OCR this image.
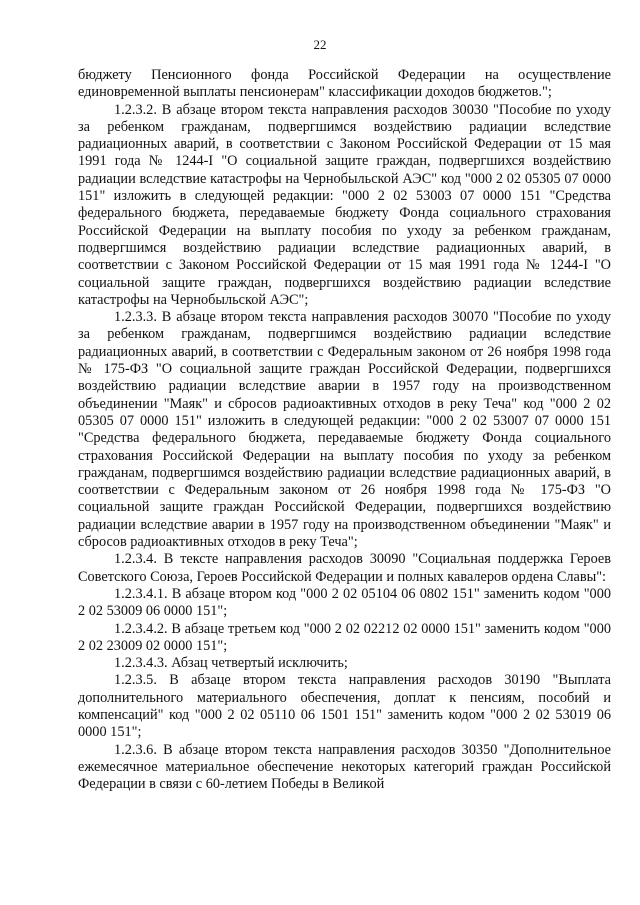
22

бюджету Пенсионного фонда Российской Федерации на осуществление единовременной выплаты пенсионерам" классификации доходов бюджетов.";

1.2.3.2. В абзаце втором текста направления расходов 30030 "Пособие по уходу за ребенком гражданам, подвергшимся воздействию радиации вследствие радиационных аварий, в соответствии с Законом Российской Федерации от 15 мая 1991 года № 1244-I "О социальной защите граждан, подвергшихся воздействию радиации вследствие катастрофы на Чернобыльской АЭС" код "000 2 02 05305 07 0000 151" изложить в следующей редакции: "000 2 02 53003 07 0000 151 "Средства федерального бюджета, передаваемые бюджету Фонда социального страхования Российской Федерации на выплату пособия по уходу за ребенком гражданам, подвергшимся воздействию радиации вследствие радиационных аварий, в соответствии с Законом Российской Федерации от 15 мая 1991 года № 1244-I "О социальной защите граждан, подвергшихся воздействию радиации вследствие катастрофы на Чернобыльской АЭС";

1.2.3.3. В абзаце втором текста направления расходов 30070 "Пособие по уходу за ребенком гражданам, подвергшимся воздействию радиации вследствие радиационных аварий, в соответствии с Федеральным законом от 26 ноября 1998 года № 175-ФЗ "О социальной защите граждан Российской Федерации, подвергшихся воздействию радиации вследствие аварии в 1957 году на производственном объединении "Маяк" и сбросов радиоактивных отходов в реку Теча" код "000 2 02 05305 07 0000 151" изложить в следующей редакции: "000 2 02 53007 07 0000 151 "Средства федерального бюджета, передаваемые бюджету Фонда социального страхования Российской Федерации на выплату пособия по уходу за ребенком гражданам, подвергшимся воздействию радиации вследствие радиационных аварий, в соответствии с Федеральным законом от 26 ноября 1998 года № 175-ФЗ "О социальной защите граждан Российской Федерации, подвергшихся воздействию радиации вследствие аварии в 1957 году на производственном объединении "Маяк" и сбросов радиоактивных отходов в реку Теча";

1.2.3.4. В тексте направления расходов 30090 "Социальная поддержка Героев Советского Союза, Героев Российской Федерации и полных кавалеров ордена Славы":

1.2.3.4.1. В абзаце втором код "000 2 02 05104 06 0802 151" заменить кодом "000 2 02 53009 06 0000 151";

1.2.3.4.2. В абзаце третьем код "000 2 02 02212 02 0000 151" заменить кодом "000 2 02 23009 02 0000 151";

1.2.3.4.3. Абзац четвертый исключить;

1.2.3.5. В абзаце втором текста направления расходов 30190 "Выплата дополнительного материального обеспечения, доплат к пенсиям, пособий и компенсаций" код "000 2 02 05110 06 1501 151" заменить кодом "000 2 02 53019 06 0000 151";

1.2.3.6. В абзаце втором текста направления расходов 30350 "Дополнительное ежемесячное материальное обеспечение некоторых категорий граждан Российской Федерации в связи с 60-летием Победы в Великой
